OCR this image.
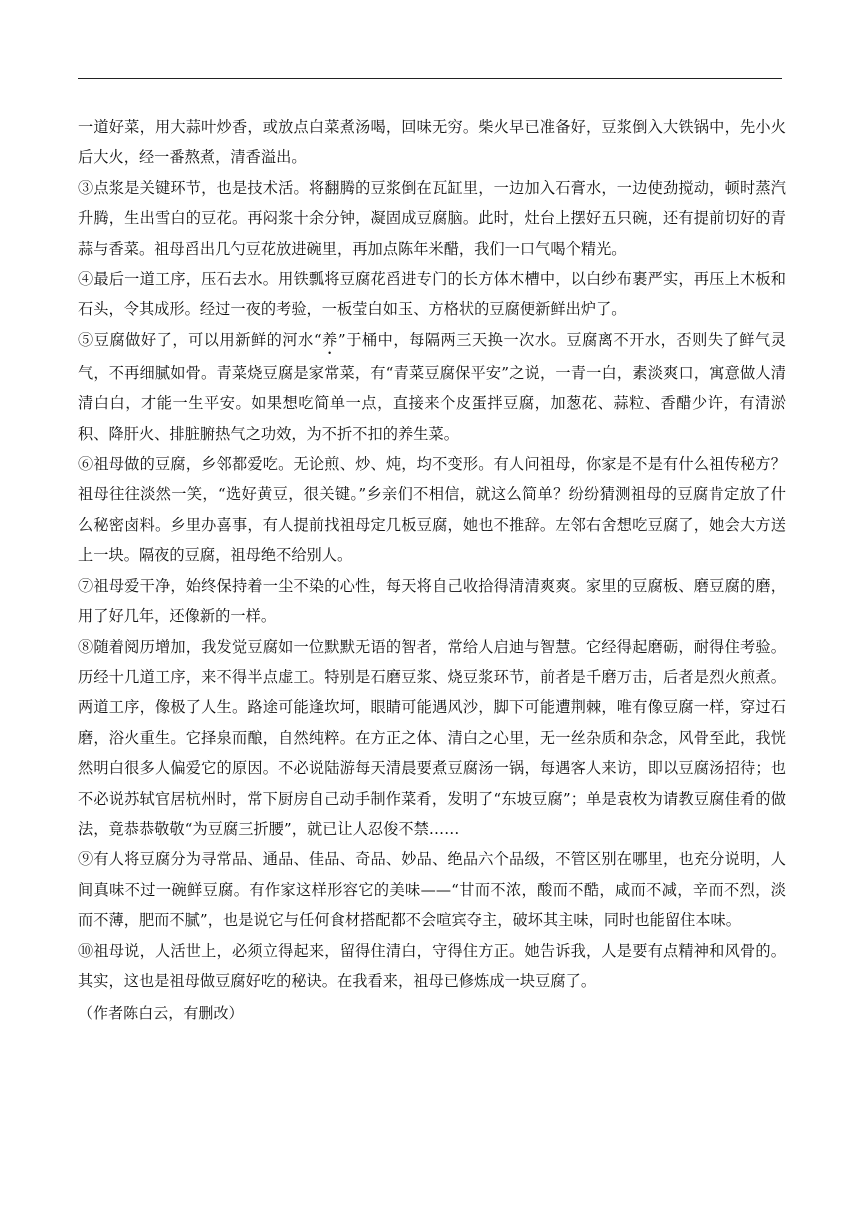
一道好菜，用大蒜叶炒香，或放点白菜煮汤喝，回味无穷。柴火早已准备好，豆浆倒入大铁锅中，先小火后大火，经一番熬煮，清香溢出。

③点浆是关键环节，也是技术活。将翻腾的豆浆倒在瓦缸里，一边加入石膏水，一边使劲搅动，顿时蒸汽升腾，生出雪白的豆花。再闷浆十余分钟，凝固成豆腐脑。此时，灶台上摆好五只碗，还有提前切好的青蒜与香菜。祖母舀出几勺豆花放进碗里，再加点陈年米醋，我们一口气喝个精光。

④最后一道工序，压石去水。用铁瓢将豆腐花舀进专门的长方体木槽中，以白纱布裹严实，再压上木板和石头，令其成形。经过一夜的考验，一板莹白如玉、方格状的豆腐便新鲜出炉了。

⑤豆腐做好了，可以用新鲜的河水“养”于桶中，每隔两三天换一次水。豆腐离不开水，否则失了鲜气灵气，不再细腻如骨。青菜烧豆腐是家常菜，有“青菜豆腐保平安”之说，一青一白，素淡爽口，寓意做人清清白白，才能一生平安。如果想吃简单一点，直接来个皮蛋拌豆腐，加葱花、蒜粒、香醋少许，有清淤积、降肝火、排脏腑热气之功效，为不折不扣的养生菜。

⑥祖母做的豆腐，乡邻都爱吃。无论煎、炒、炖，均不变形。有人问祖母，你家是不是有什么祖传秘方？祖母往往淡然一笑，“选好黄豆，很关键。”乡亲们不相信，就这么简单？纷纷猜测祖母的豆腐肯定放了什么秘密卤料。乡里办喜事，有人提前找祖母定几板豆腐，她也不推辞。左邻右舍想吃豆腐了，她会大方送上一块。隔夜的豆腐，祖母绝不给别人。

⑦祖母爱干净，始终保持着一尘不染的心性，每天将自己收拾得清清爽爽。家里的豆腐板、磨豆腐的磨，用了好几年，还像新的一样。

⑧随着阅历增加，我发觉豆腐如一位默默无语的智者，常给人启迪与智慧。它经得起磨砺，耐得住考验。历经十几道工序，来不得半点虚工。特别是石磨豆浆、烧豆浆环节，前者是千磨万击，后者是烈火煎煮。两道工序，像极了人生。路途可能逢坎坷，眼睛可能遇风沙，脚下可能遭荆棘，唯有像豆腐一样，穿过石磨，浴火重生。它择泉而酿，自然纯粹。在方正之体、清白之心里，无一丝杂质和杂念，风骨至此，我恍然明白很多人偏爱它的原因。不必说陆游每天清晨要煮豆腐汤一锅，每遇客人来访，即以豆腐汤招待；也不必说苏轼官居杭州时，常下厨房自己动手制作菜肴，发明了“东坡豆腐”；单是袁枚为请教豆腐佳肴的做法，竟恭恭敬敬“为豆腐三折腰”，就已让人忍俊不禁……

⑨有人将豆腐分为寻常品、通品、佳品、奇品、妙品、绝品六个品级，不管区别在哪里，也充分说明，人间真味不过一碗鲜豆腐。有作家这样形容它的美味——“甘而不浓，酸而不酷，咸而不减，辛而不烈，淡而不薄，肥而不腻”，也是说它与任何食材搭配都不会喧宾夺主，破坏其主味，同时也能留住本味。

⑩祖母说，人活世上，必须立得起来，留得住清白，守得住方正。她告诉我，人是要有点精神和风骨的。其实，这也是祖母做豆腐好吃的秘诀。在我看来，祖母已修炼成一块豆腐了。

（作者陈白云，有删改）
